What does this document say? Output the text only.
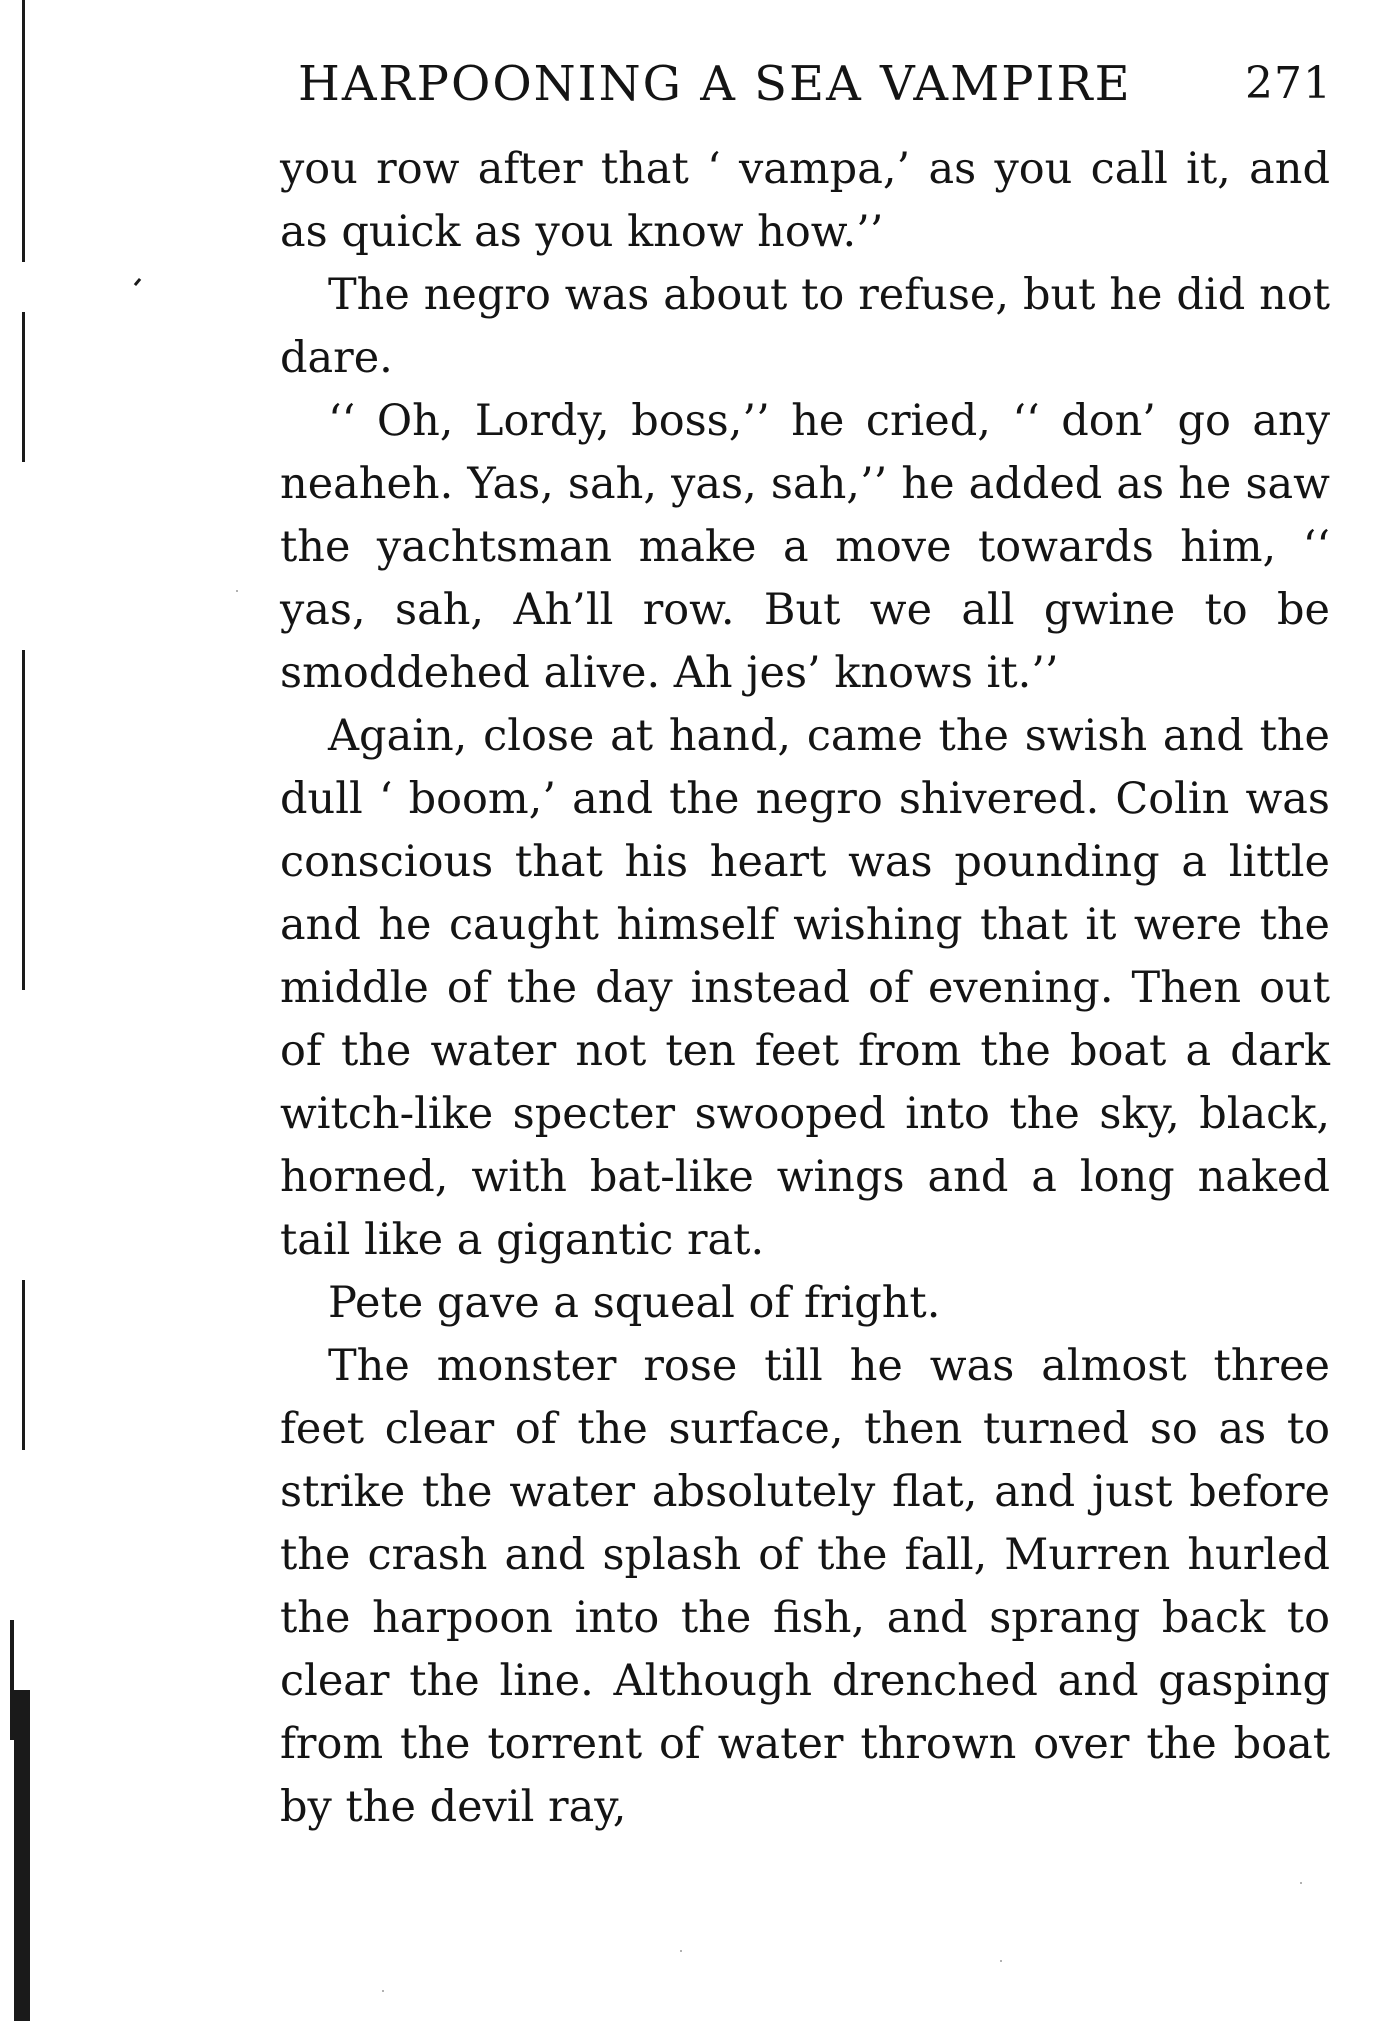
HARPOONING A SEA VAMPIRE	271

you row after that ‘ vampa,’ as you call it, and as quick as you know how.’’

The negro was about to refuse, but he did not dare.

‘‘ Oh, Lordy, boss,’’ he cried, ‘‘ don’ go any neaheh. Yas, sah, yas, sah,’’ he added as he saw the yachtsman make a move towards him, ‘‘ yas, sah, Ah’ll row. But we all gwine to be smoddehed alive. Ah jes’ knows it.’’

Again, close at hand, came the swish and the dull ‘ boom,’ and the negro shivered. Colin was conscious that his heart was pounding a little and he caught himself wishing that it were the middle of the day instead of evening. Then out of the water not ten feet from the boat a dark witch-like specter swooped into the sky, black, horned, with bat-like wings and a long naked tail like a gigantic rat.

Pete gave a squeal of fright.

The monster rose till he was almost three feet clear of the surface, then turned so as to strike the water absolutely flat, and just before the crash and splash of the fall, Murren hurled the harpoon into the fish, and sprang back to clear the line. Although drenched and gasping from the torrent of water thrown over the boat by the devil ray,
